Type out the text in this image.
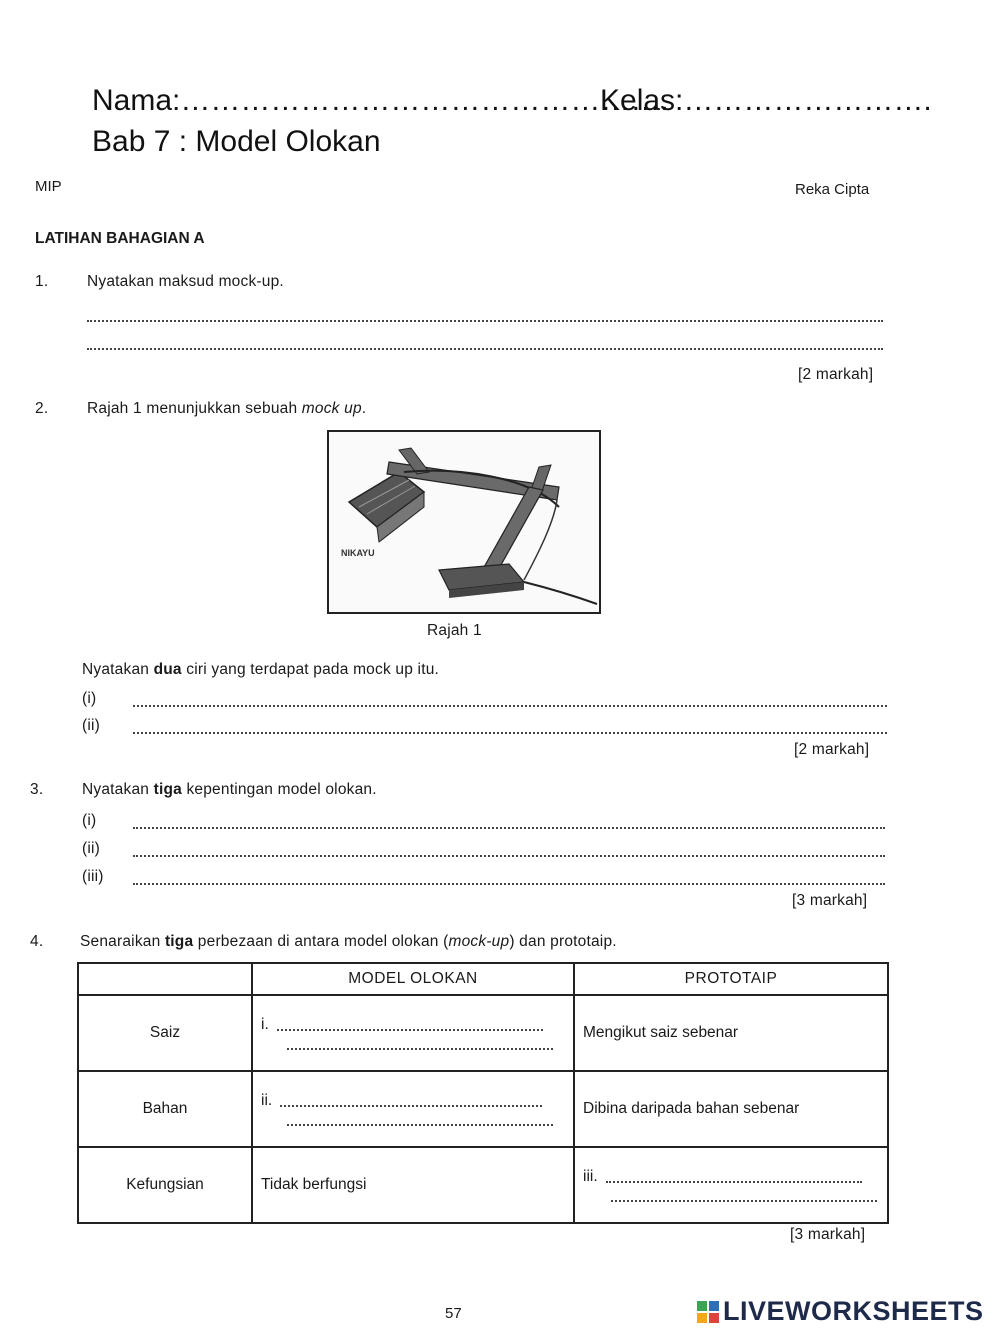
Nama:………………………………………….
Kelas:…………………….
Bab 7 : Model Olokan
MIP	Reka Cipta
LATIHAN BAHAGIAN A
1. Nyatakan maksud mock-up.
[2 markah]
2. Rajah 1 menunjukkan sebuah mock up.
NIKAYU
Rajah 1
Nyatakan dua ciri yang terdapat pada mock up itu.
(i)
(ii)
[2 markah]
3. Nyatakan tiga kepentingan model olokan.
(i)
(ii)
(iii)
[3 markah]
4. Senaraikan tiga perbezaan di antara model olokan (mock-up) dan prototaip.
	MODEL OLOKAN	PROTOTAIP
Saiz	i.	Mengikut saiz sebenar
Bahan	ii.	Dibina daripada bahan sebenar
Kefungsian	Tidak berfungsi	iii.
[3 markah]
57	LIVEWORKSHEETS
